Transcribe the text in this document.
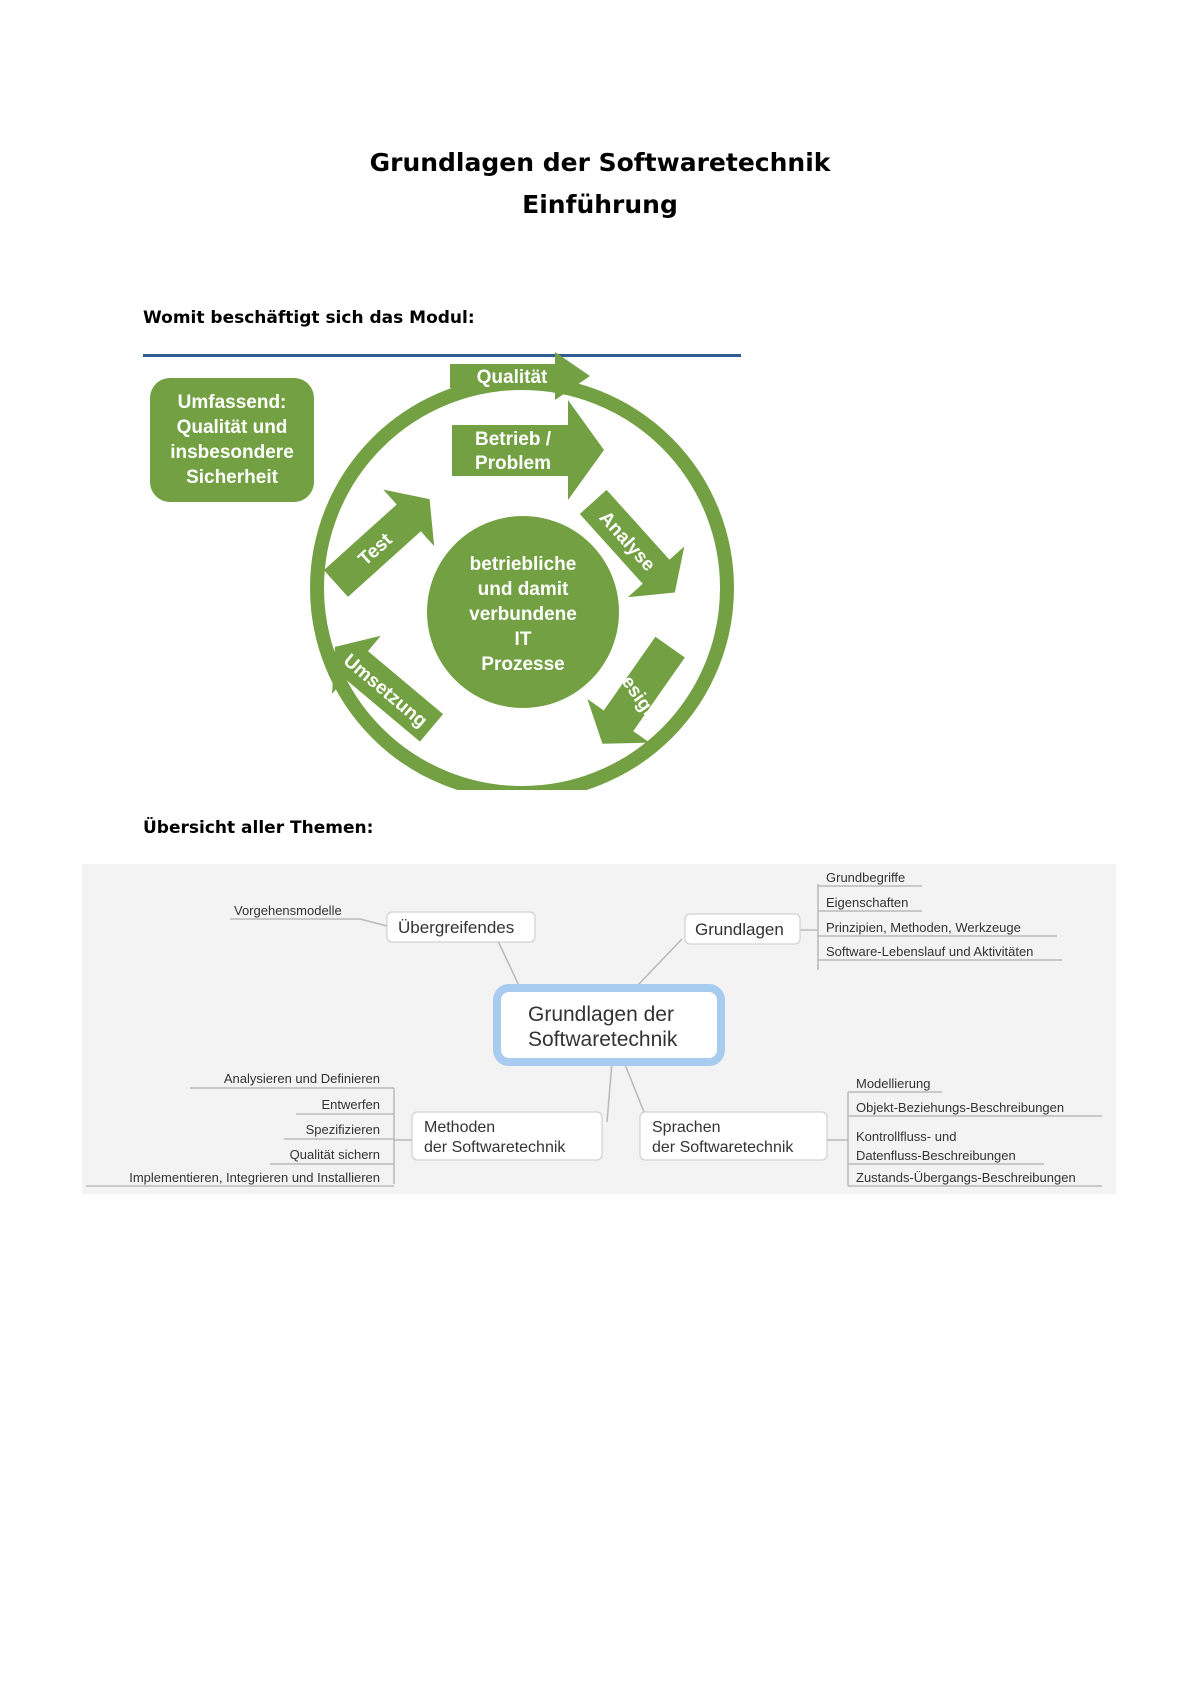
Grundlagen der Softwaretechnik
Einführung
Womit beschäftigt sich das Modul:
Umfassend:
Qualität und
insbesondere
Sicherheit
Qualität
Betrieb /
Problem
Analyse
Design
Umsetzung
Test	betriebliche
und damit
verbundene
IT
Prozesse
Übersicht aller Themen:
Grundlagen der
Softwaretechnik
Übergreifendes
Vorgehensmodelle
Grundlagen
Grundbegriffe
Eigenschaften
Prinzipien, Methoden, Werkzeuge
Software-Lebenslauf und Aktivitäten
Methoden
der Softwaretechnik
Analysieren und Definieren
Entwerfen
Spezifizieren
Qualität sichern
Implementieren, Integrieren und Installieren
Sprachen
der Softwaretechnik
Modellierung
Objekt-Beziehungs-Beschreibungen
Kontrollfluss- und
Datenfluss-Beschreibungen
Zustands-Übergangs-Beschreibungen
